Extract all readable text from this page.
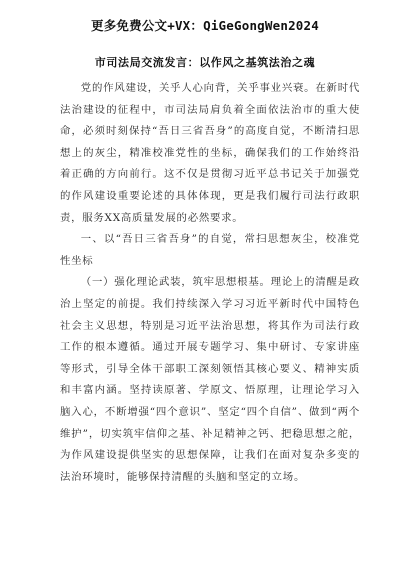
更多免费公文+VX：QiGeGongWen2024
市司法局交流发言：以作风之基筑法治之魂

党的作风建设，关乎人心向背，关乎事业兴衰。在新时代法治建设的征程中，市司法局肩负着全面依法治市的重大使命，必须时刻保持“吾日三省吾身”的高度自觉，不断清扫思想上的灰尘，精准校准党性的坐标，确保我们的工作始终沿着正确的方向前行。这不仅是贯彻习近平总书记关于加强党的作风建设重要论述的具体体现，更是我们履行司法行政职责，服务XX高质量发展的必然要求。

一、以“吾日三省吾身”的自觉，常扫思想灰尘，校准党性坐标

（一）强化理论武装，筑牢思想根基。理论上的清醒是政治上坚定的前提。我们持续深入学习习近平新时代中国特色社会主义思想，特别是习近平法治思想，将其作为司法行政工作的根本遵循。通过开展专题学习、集中研讨、专家讲座等形式，引导全体干部职工深刻领悟其核心要义、精神实质和丰富内涵。坚持读原著、学原文、悟原理，让理论学习入脑入心，不断增强“四个意识”、坚定“四个自信”、做到“两个维护”，切实筑牢信仰之基、补足精神之钙、把稳思想之舵，为作风建设提供坚实的思想保障，让我们在面对复杂多变的法治环境时，能够保持清醒的头脑和坚定的立场。
